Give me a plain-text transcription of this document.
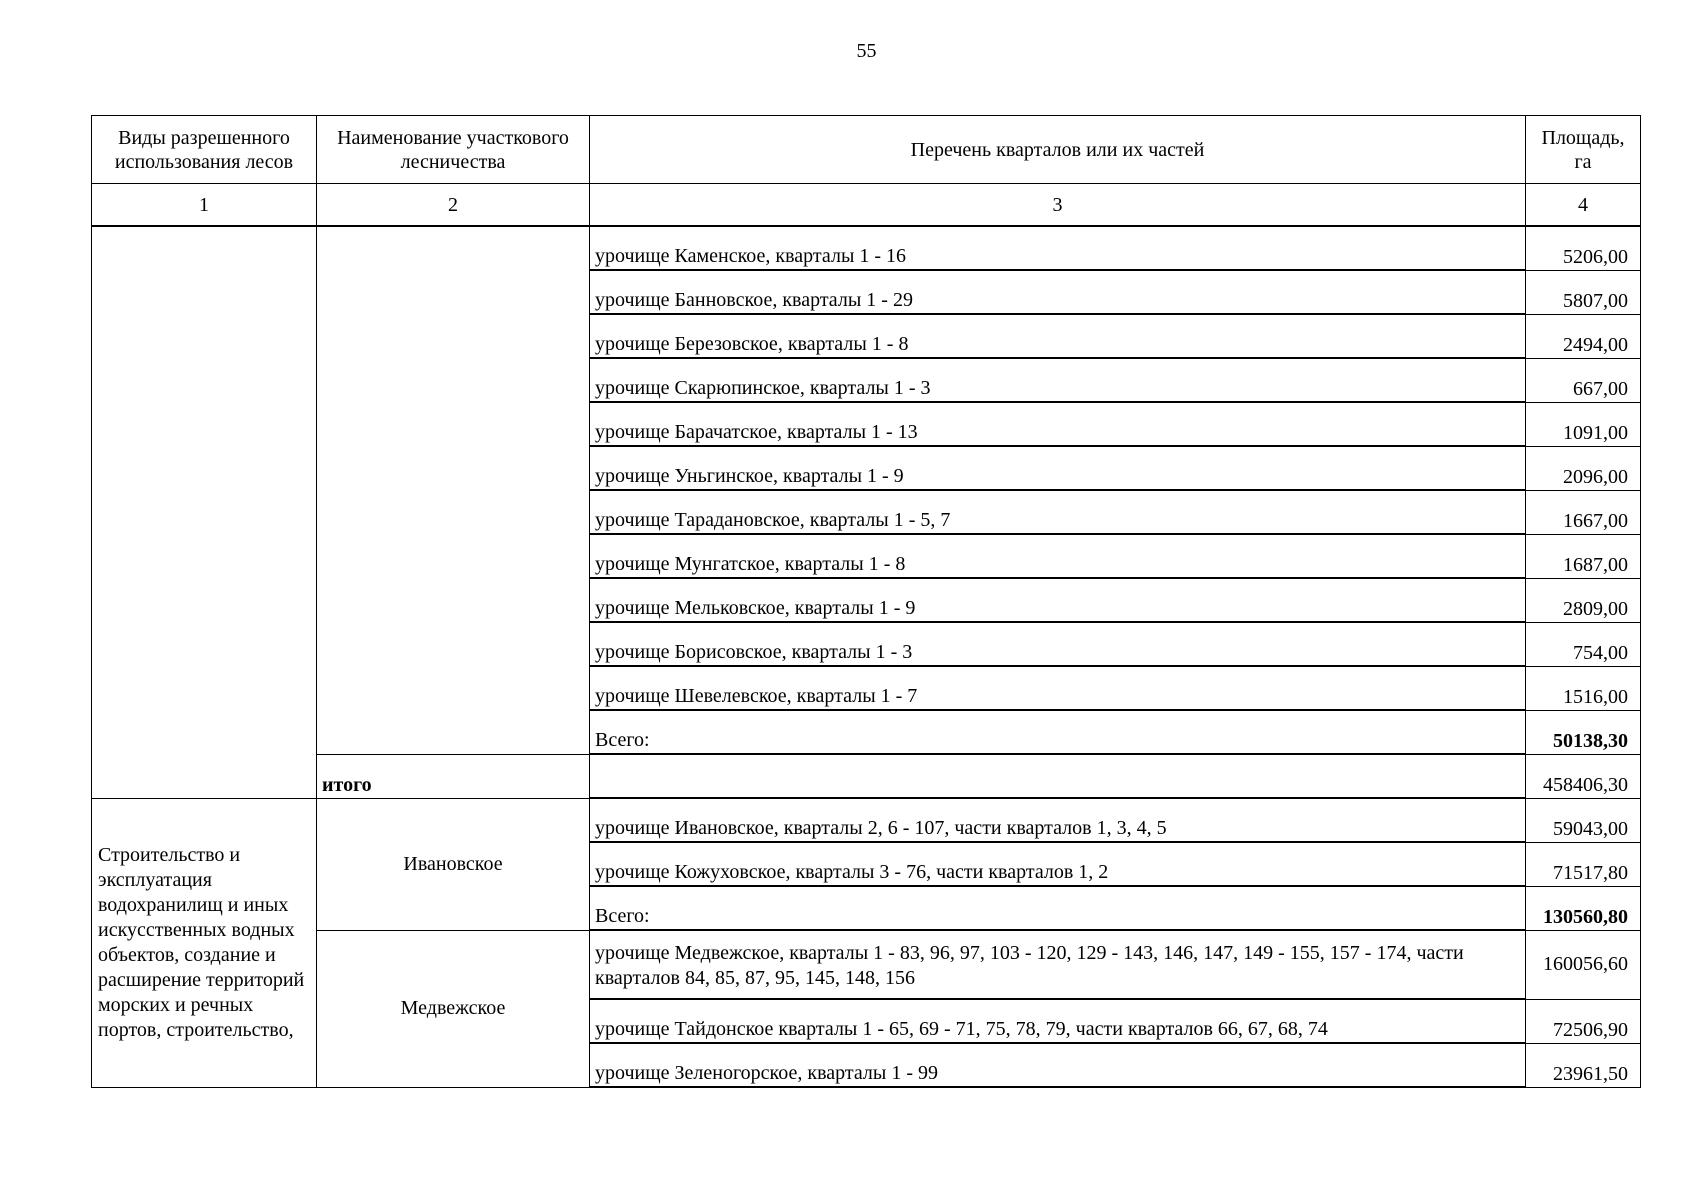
55
Виды разрешенного использования лесов	Наименование участкового лесничества	Перечень кварталов или их частей	Площадь, га
1	2	3	4
		урочище Каменское, кварталы 1 - 16	5206,00
		урочище Банновское, кварталы 1 - 29	5807,00
		урочище Березовское, кварталы 1 - 8	2494,00
		урочище Скарюпинское, кварталы 1 - 3	667,00
		урочище Барачатское, кварталы 1 - 13	1091,00
		урочище Уньгинское, кварталы 1 - 9	2096,00
		урочище Тарадановское, кварталы 1 - 5, 7	1667,00
		урочище Мунгатское, кварталы 1 - 8	1687,00
		урочище Мельковское, кварталы 1 - 9	2809,00
		урочище Борисовское, кварталы 1 - 3	754,00
		урочище Шевелевское, кварталы 1 - 7	1516,00
		Всего:	50138,30
	итого		458406,30
Строительство и эксплуатация водохранилищ и иных искусственных водных объектов, создание и расширение территорий морских и речных портов, строительство,	Ивановское	урочище Ивановское, кварталы 2, 6 - 107, части кварталов 1, 3, 4, 5	59043,00
		урочище Кожуховское, кварталы 3 - 76, части кварталов 1, 2	71517,80
		Всего:	130560,80
	Медвежское	урочище Медвежское, кварталы 1 - 83, 96, 97, 103 - 120, 129 - 143, 146, 147, 149 - 155, 157 - 174, части кварталов 84, 85, 87, 95, 145, 148, 156	160056,60
		урочище Тайдонское кварталы 1 - 65, 69 - 71, 75, 78, 79, части кварталов 66, 67, 68, 74	72506,90
		урочище Зеленогорское, кварталы 1 - 99	23961,50
